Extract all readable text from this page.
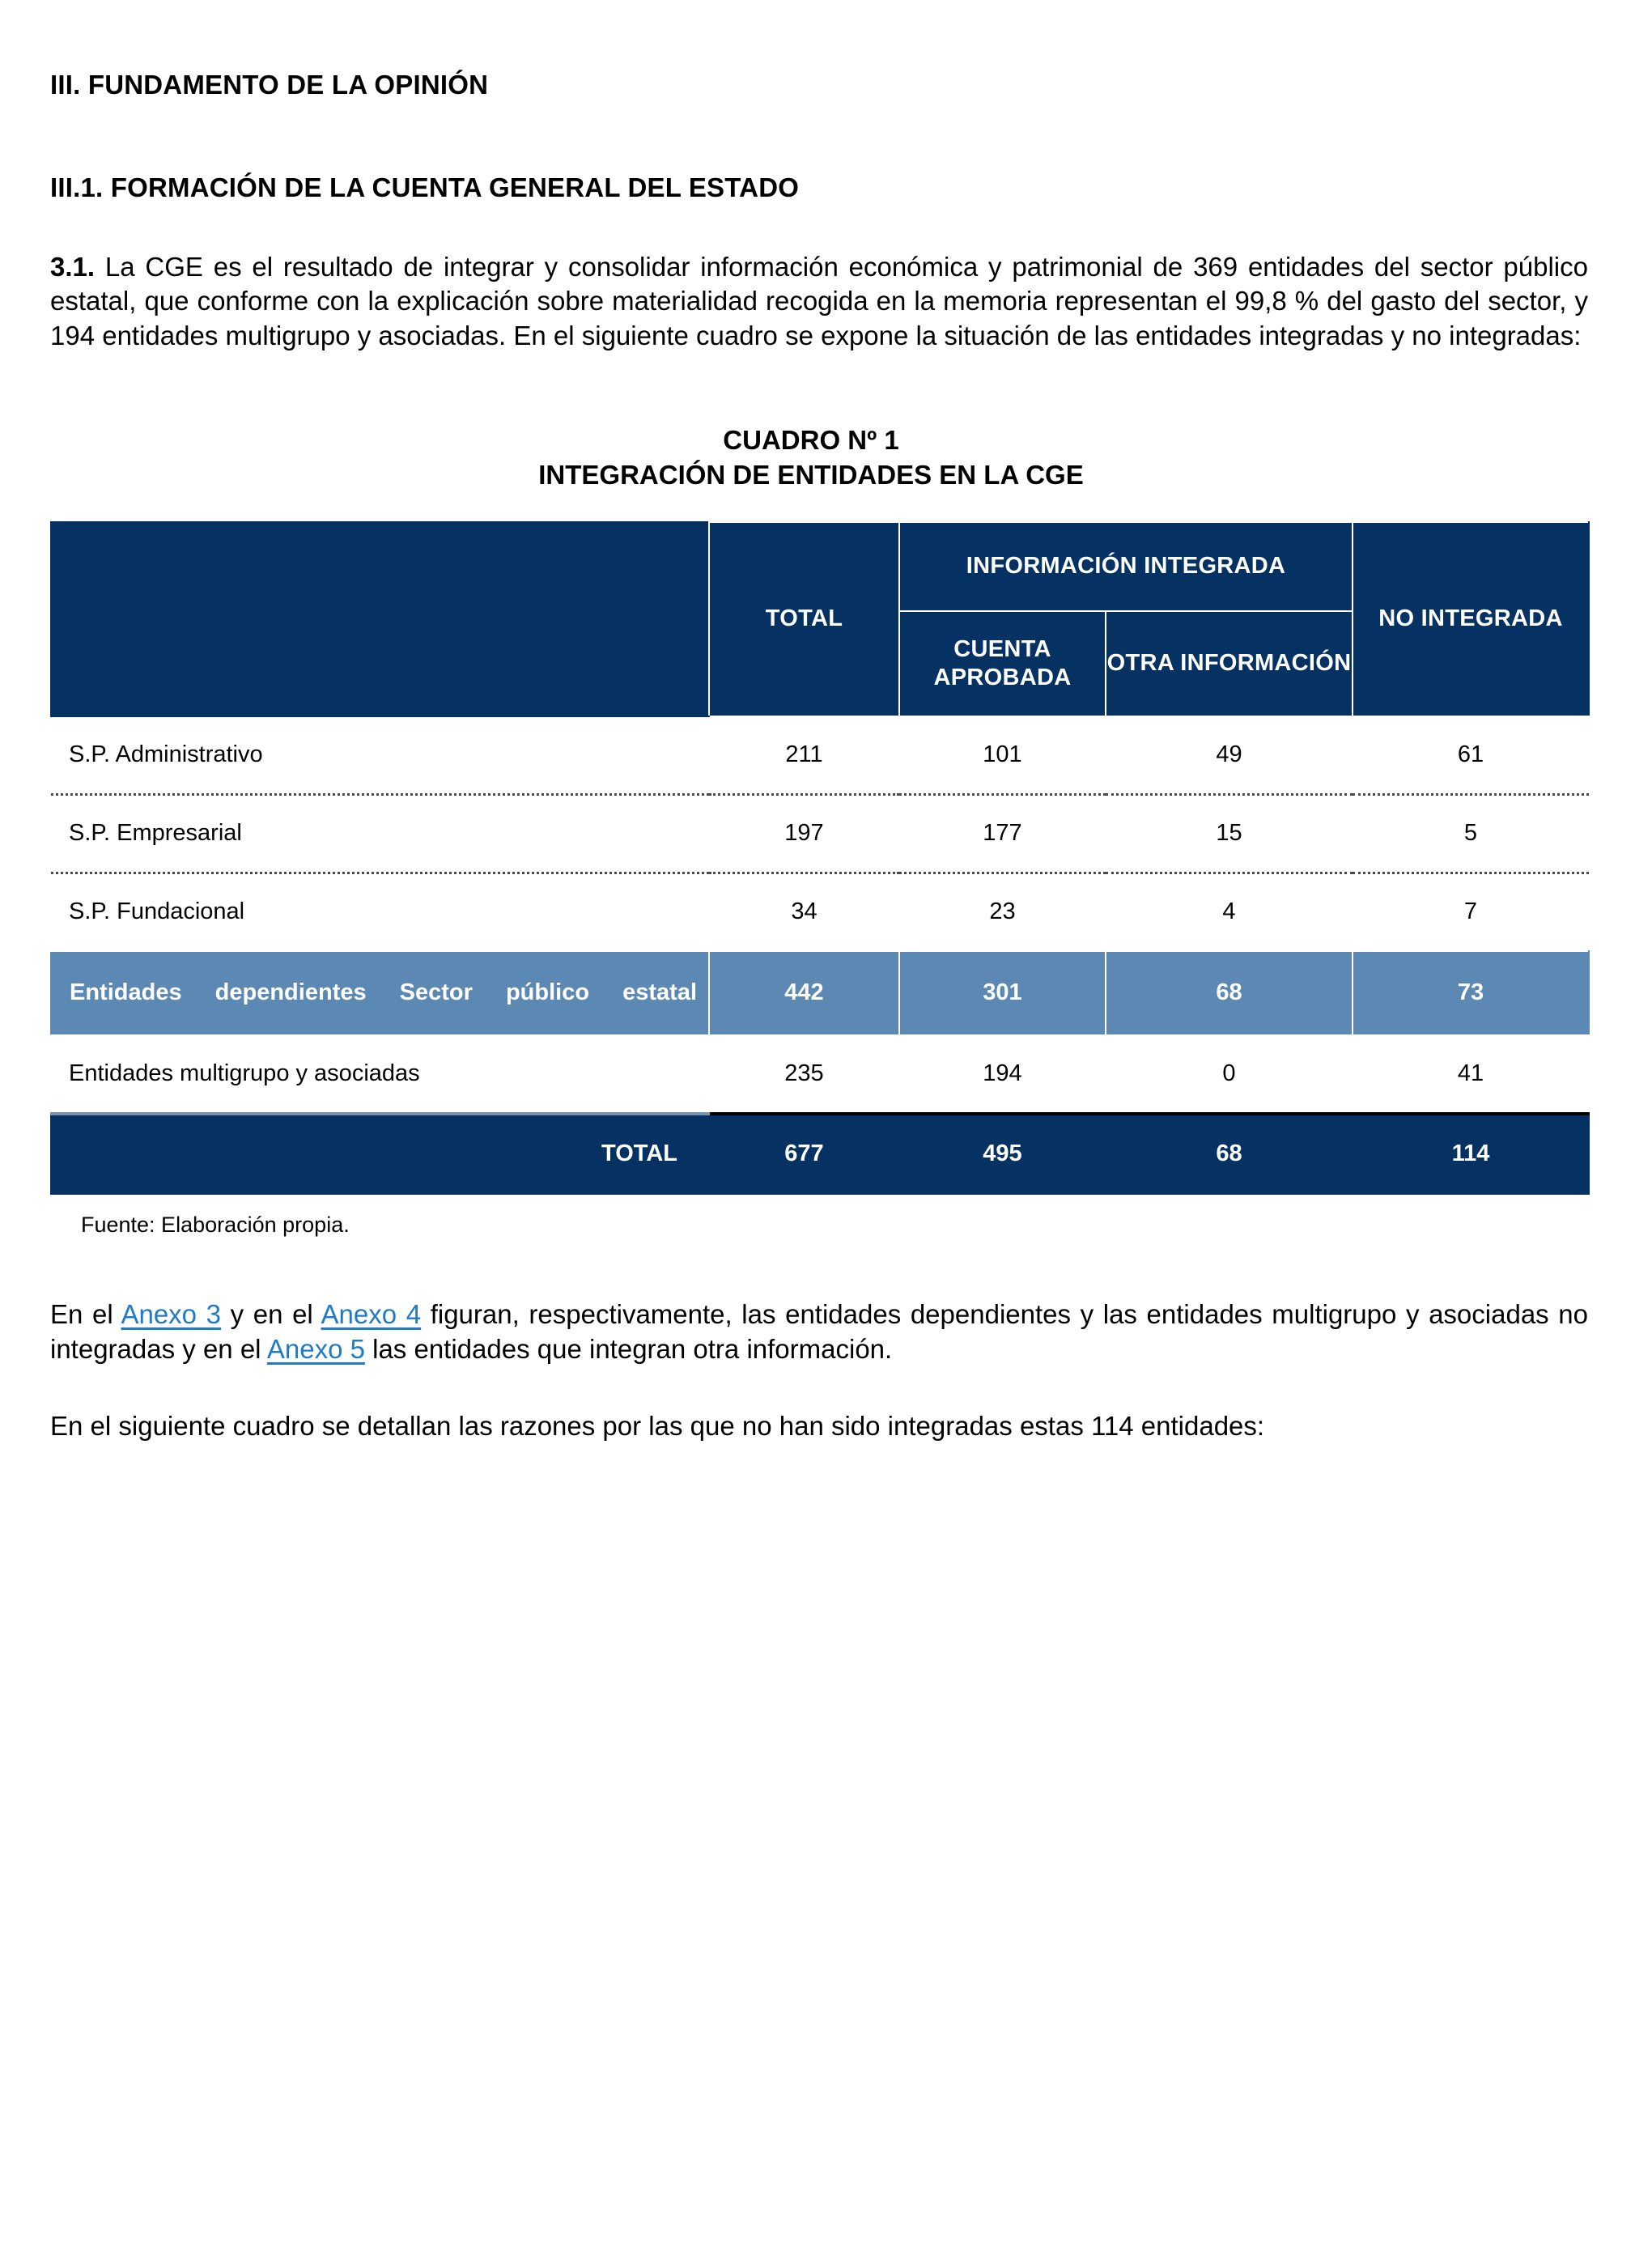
III. FUNDAMENTO DE LA OPINIÓN
III.1. FORMACIÓN DE LA CUENTA GENERAL DEL ESTADO

3.1. La CGE es el resultado de integrar y consolidar información económica y patrimonial de 369 entidades del sector público estatal, que conforme con la explicación sobre materialidad recogida en la memoria representan el 99,8 % del gasto del sector, y 194 entidades multigrupo y asociadas. En el siguiente cuadro se expone la situación de las entidades integradas y no integradas:

CUADRO Nº 1
INTEGRACIÓN DE ENTIDADES EN LA CGE
	TOTAL	INFORMACIÓN INTEGRADA		NO INTEGRADA
		CUENTA APROBADA	OTRA INFORMACIÓN	
S.P. Administrativo	211	101	49	61
S.P. Empresarial	197	177	15	5
S.P. Fundacional	34	23	4	7
Entidades dependientes Sector público estatal	442	301	68	73
Entidades multigrupo y asociadas	235	194	0	41
TOTAL	677	495	68	114
Fuente: Elaboración propia.

En el Anexo 3 y en el Anexo 4 figuran, respectivamente, las entidades dependientes y las entidades multigrupo y asociadas no integradas y en el Anexo 5 las entidades que integran otra información.

En el siguiente cuadro se detallan las razones por las que no han sido integradas estas 114 entidades:
